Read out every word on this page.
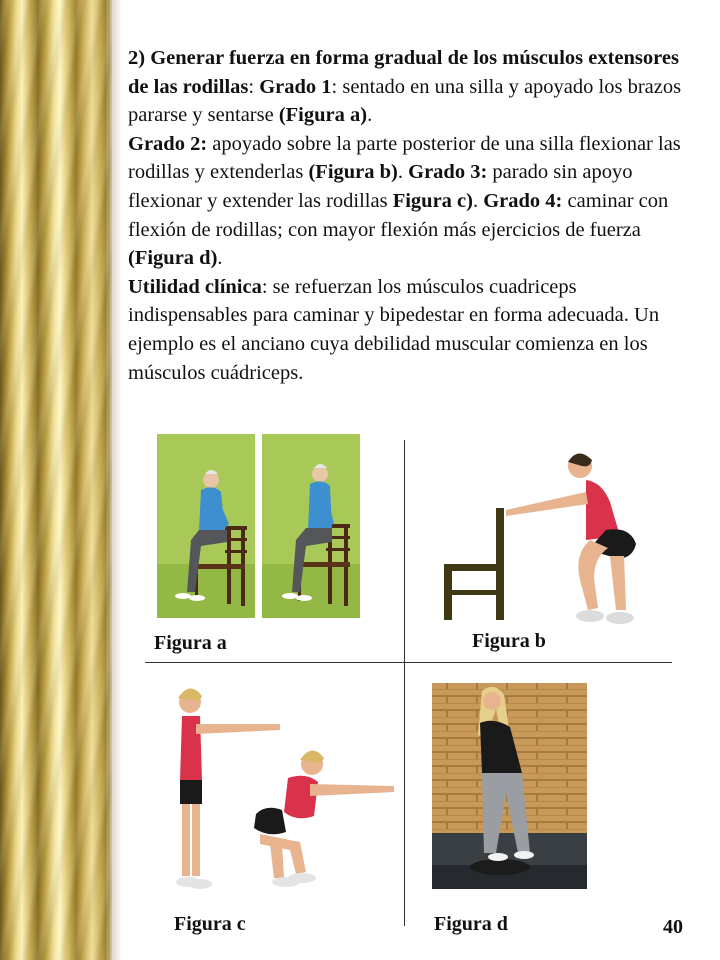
2) Generar fuerza en forma gradual de los músculos extensores de las rodillas: Grado 1: sentado en una silla y apoyado los brazos pararse y sentarse (Figura a).
Grado 2: apoyado sobre la parte posterior de una silla flexionar las rodillas y extenderlas (Figura b). Grado 3: parado sin apoyo flexionar y extender las rodillas Figura c). Grado 4: caminar con flexión de rodillas; con mayor flexión más ejercicios de fuerza (Figura d).
Utilidad clínica: se refuerzan los músculos cuadriceps indispensables para caminar y bipedestar en forma adecuada. Un ejemplo es el anciano cuya debilidad muscular comienza en los músculos cuádriceps.
Figura a	Figura b
Figura c	Figura d	40
